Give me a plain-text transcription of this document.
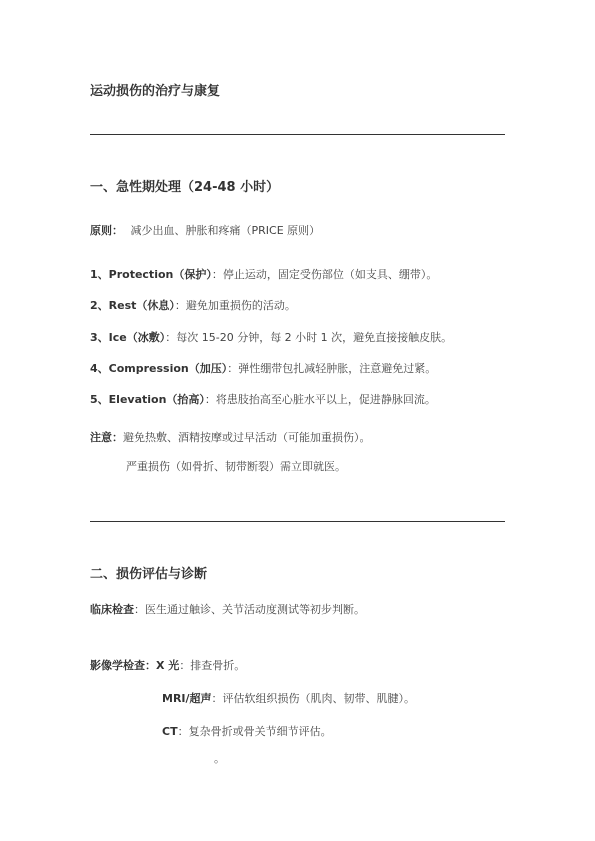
运动损伤的治疗与康复
一、急性期处理（24-48 小时）
原则： 减少出血、肿胀和疼痛（PRICE 原则）
1、Protection（保护）：停止运动，固定受伤部位（如支具、绷带）。
2、Rest（休息）：避免加重损伤的活动。
3、Ice（冰敷）：每次 15-20 分钟，每 2 小时 1 次，避免直接接触皮肤。
4、Compression（加压）：弹性绷带包扎减轻肿胀，注意避免过紧。
5、Elevation（抬高）：将患肢抬高至心脏水平以上，促进静脉回流。
注意：避免热敷、酒精按摩或过早活动（可能加重损伤）。
严重损伤（如骨折、韧带断裂）需立即就医。
二、损伤评估与诊断
临床检查：医生通过触诊、关节活动度测试等初步判断。
影像学检查：X 光：排查骨折。
MRI/超声：评估软组织损伤（肌肉、韧带、肌腱）。
CT：复杂骨折或骨关节细节评估。
。
